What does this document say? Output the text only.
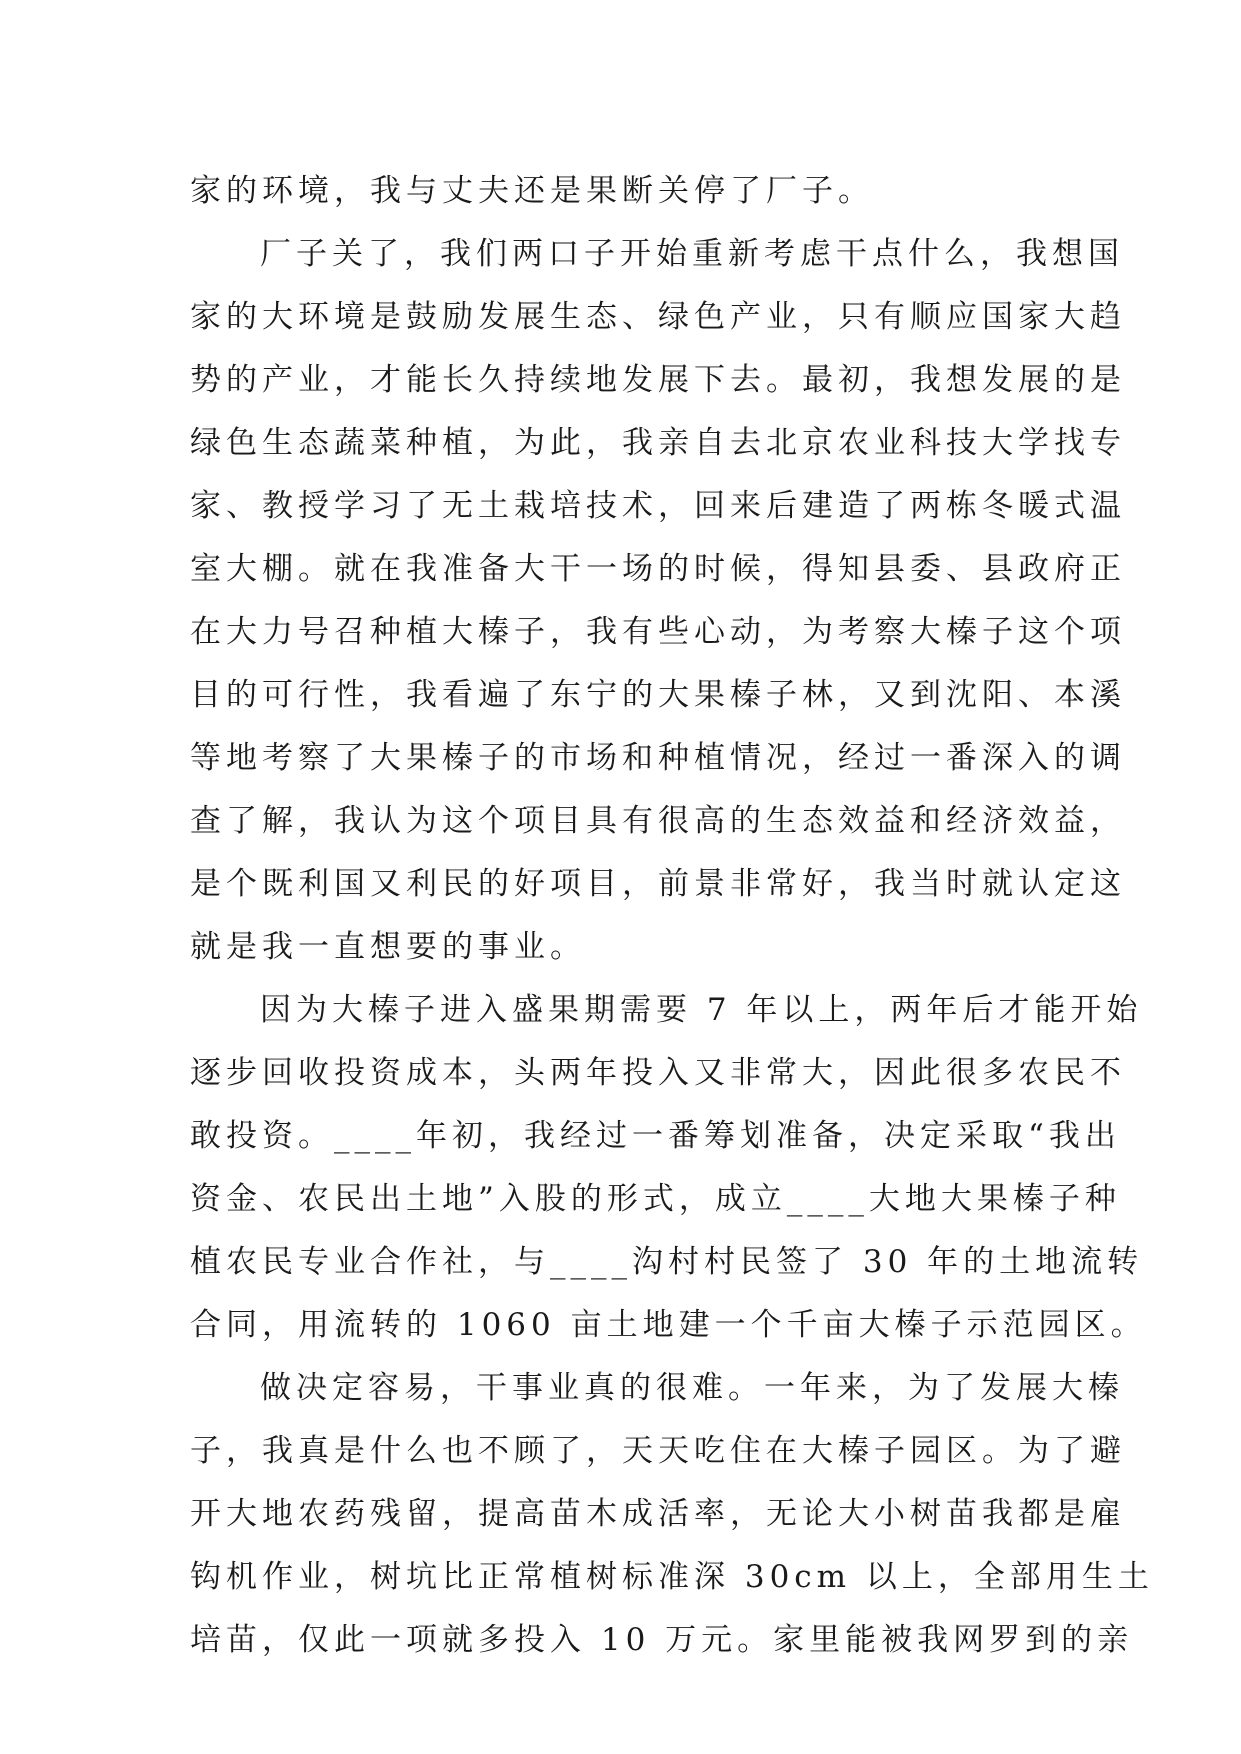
家的环境，我与丈夫还是果断关停了厂子。
厂子关了，我们两口子开始重新考虑干点什么，我想国
家的大环境是鼓励发展生态、绿色产业，只有顺应国家大趋
势的产业，才能长久持续地发展下去。最初，我想发展的是
绿色生态蔬菜种植，为此，我亲自去北京农业科技大学找专
家、教授学习了无土栽培技术，回来后建造了两栋冬暖式温
室大棚。就在我准备大干一场的时候，得知县委、县政府正
在大力号召种植大榛子，我有些心动，为考察大榛子这个项
目的可行性，我看遍了东宁的大果榛子林，又到沈阳、本溪
等地考察了大果榛子的市场和种植情况，经过一番深入的调
查了解，我认为这个项目具有很高的生态效益和经济效益，
是个既利国又利民的好项目，前景非常好，我当时就认定这
就是我一直想要的事业。
因为大榛子进入盛果期需要 7 年以上，两年后才能开始
逐步回收投资成本，头两年投入又非常大，因此很多农民不
敢投资。____年初，我经过一番筹划准备，决定采取“我出
资金、农民出土地”入股的形式，成立____大地大果榛子种
植农民专业合作社，与____沟村村民签了 30 年的土地流转
合同，用流转的 1060 亩土地建一个千亩大榛子示范园区。
做决定容易，干事业真的很难。一年来，为了发展大榛
子，我真是什么也不顾了，天天吃住在大榛子园区。为了避
开大地农药残留，提高苗木成活率，无论大小树苗我都是雇
钩机作业，树坑比正常植树标准深 30cm 以上，全部用生土
培苗，仅此一项就多投入 10 万元。家里能被我网罗到的亲
